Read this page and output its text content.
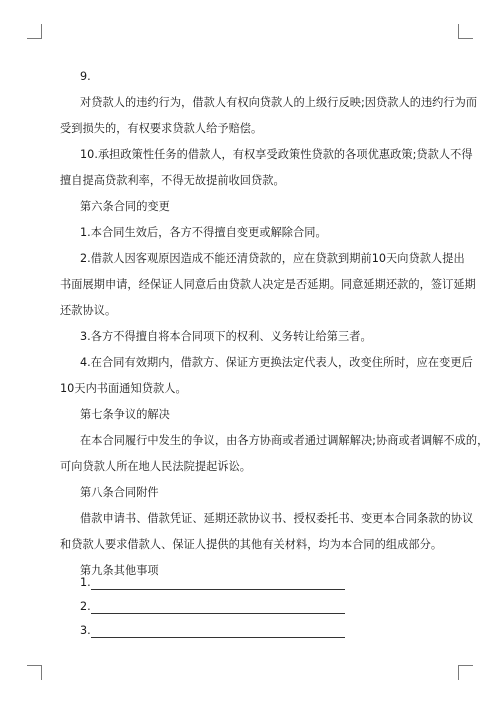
9.

对贷款人的违约行为，借款人有权向贷款人的上级行反映;因贷款人的违约行为而

受到损失的，有权要求贷款人给予赔偿。

10.承担政策性任务的借款人，有权享受政策性贷款的各项优惠政策;贷款人不得

擅自提高贷款利率，不得无故提前收回贷款。

第六条合同的变更

1.本合同生效后，各方不得擅自变更或解除合同。

2.借款人因客观原因造成不能还清贷款的，应在贷款到期前10天向贷款人提出

书面展期申请，经保证人同意后由贷款人决定是否延期。同意延期还款的，签订延期

还款协议。

3.各方不得擅自将本合同项下的权利、义务转让给第三者。

4.在合同有效期内，借款方、保证方更换法定代表人，改变住所时，应在变更后

10天内书面通知贷款人。

第七条争议的解决

在本合同履行中发生的争议，由各方协商或者通过调解解决;协商或者调解不成的，

可向贷款人所在地人民法院提起诉讼。

第八条合同附件

借款申请书、借款凭证、延期还款协议书、授权委托书、变更本合同条款的协议

和贷款人要求借款人、保证人提供的其他有关材料，均为本合同的组成部分。

第九条其他事项

1.
2.
3.
